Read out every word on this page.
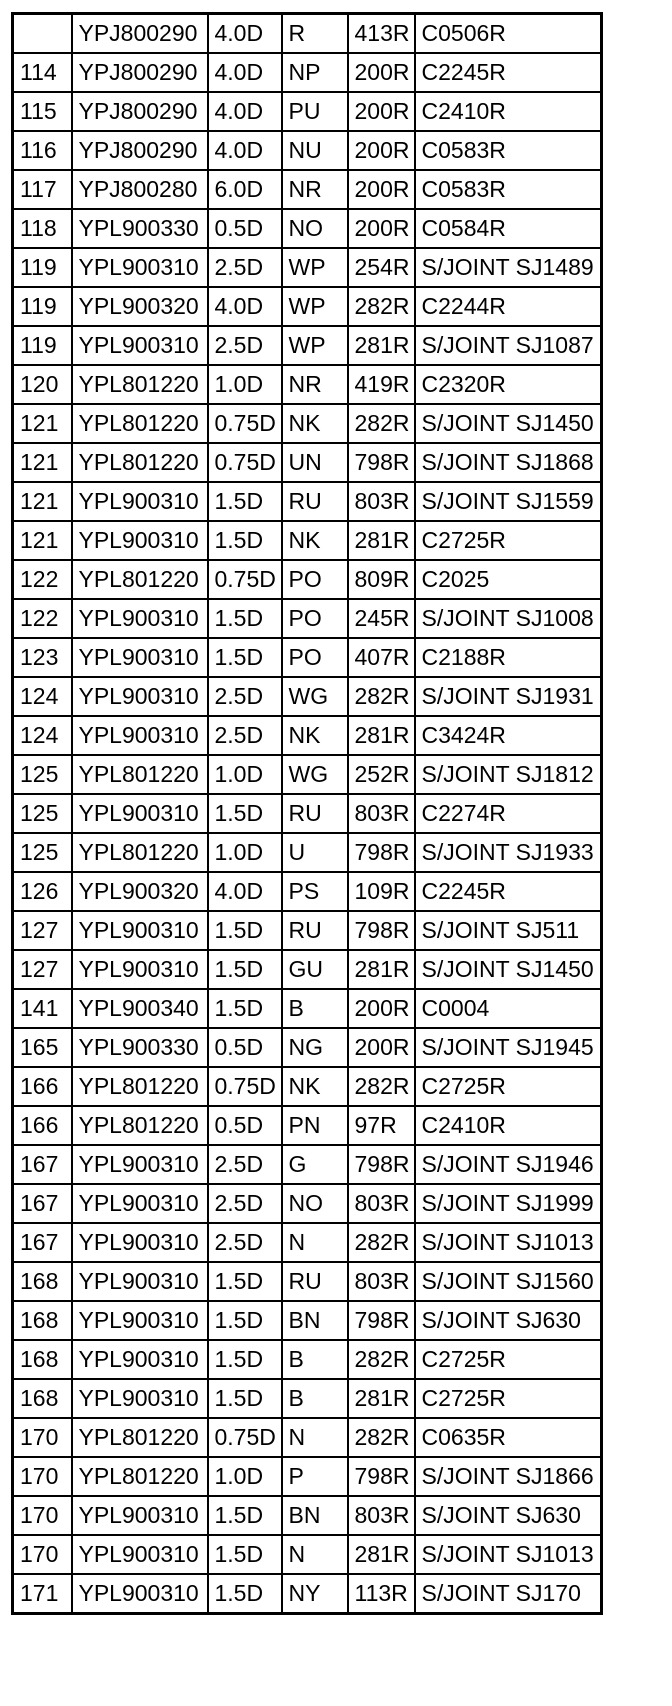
	YPJ800290	4.0D	R	413R	C0506R
114	YPJ800290	4.0D	NP	200R	C2245R
115	YPJ800290	4.0D	PU	200R	C2410R
116	YPJ800290	4.0D	NU	200R	C0583R
117	YPJ800280	6.0D	NR	200R	C0583R
118	YPL900330	0.5D	NO	200R	C0584R
119	YPL900310	2.5D	WP	254R	S/JOINT SJ1489
119	YPL900320	4.0D	WP	282R	C2244R
119	YPL900310	2.5D	WP	281R	S/JOINT SJ1087
120	YPL801220	1.0D	NR	419R	C2320R
121	YPL801220	0.75D	NK	282R	S/JOINT SJ1450
121	YPL801220	0.75D	UN	798R	S/JOINT SJ1868
121	YPL900310	1.5D	RU	803R	S/JOINT SJ1559
121	YPL900310	1.5D	NK	281R	C2725R
122	YPL801220	0.75D	PO	809R	C2025
122	YPL900310	1.5D	PO	245R	S/JOINT SJ1008
123	YPL900310	1.5D	PO	407R	C2188R
124	YPL900310	2.5D	WG	282R	S/JOINT SJ1931
124	YPL900310	2.5D	NK	281R	C3424R
125	YPL801220	1.0D	WG	252R	S/JOINT SJ1812
125	YPL900310	1.5D	RU	803R	C2274R
125	YPL801220	1.0D	U	798R	S/JOINT SJ1933
126	YPL900320	4.0D	PS	109R	C2245R
127	YPL900310	1.5D	RU	798R	S/JOINT SJ511
127	YPL900310	1.5D	GU	281R	S/JOINT SJ1450
141	YPL900340	1.5D	B	200R	C0004
165	YPL900330	0.5D	NG	200R	S/JOINT SJ1945
166	YPL801220	0.75D	NK	282R	C2725R
166	YPL801220	0.5D	PN	97R	C2410R
167	YPL900310	2.5D	G	798R	S/JOINT SJ1946
167	YPL900310	2.5D	NO	803R	S/JOINT SJ1999
167	YPL900310	2.5D	N	282R	S/JOINT SJ1013
168	YPL900310	1.5D	RU	803R	S/JOINT SJ1560
168	YPL900310	1.5D	BN	798R	S/JOINT SJ630
168	YPL900310	1.5D	B	282R	C2725R
168	YPL900310	1.5D	B	281R	C2725R
170	YPL801220	0.75D	N	282R	C0635R
170	YPL801220	1.0D	P	798R	S/JOINT SJ1866
170	YPL900310	1.5D	BN	803R	S/JOINT SJ630
170	YPL900310	1.5D	N	281R	S/JOINT SJ1013
171	YPL900310	1.5D	NY	113R	S/JOINT SJ170
